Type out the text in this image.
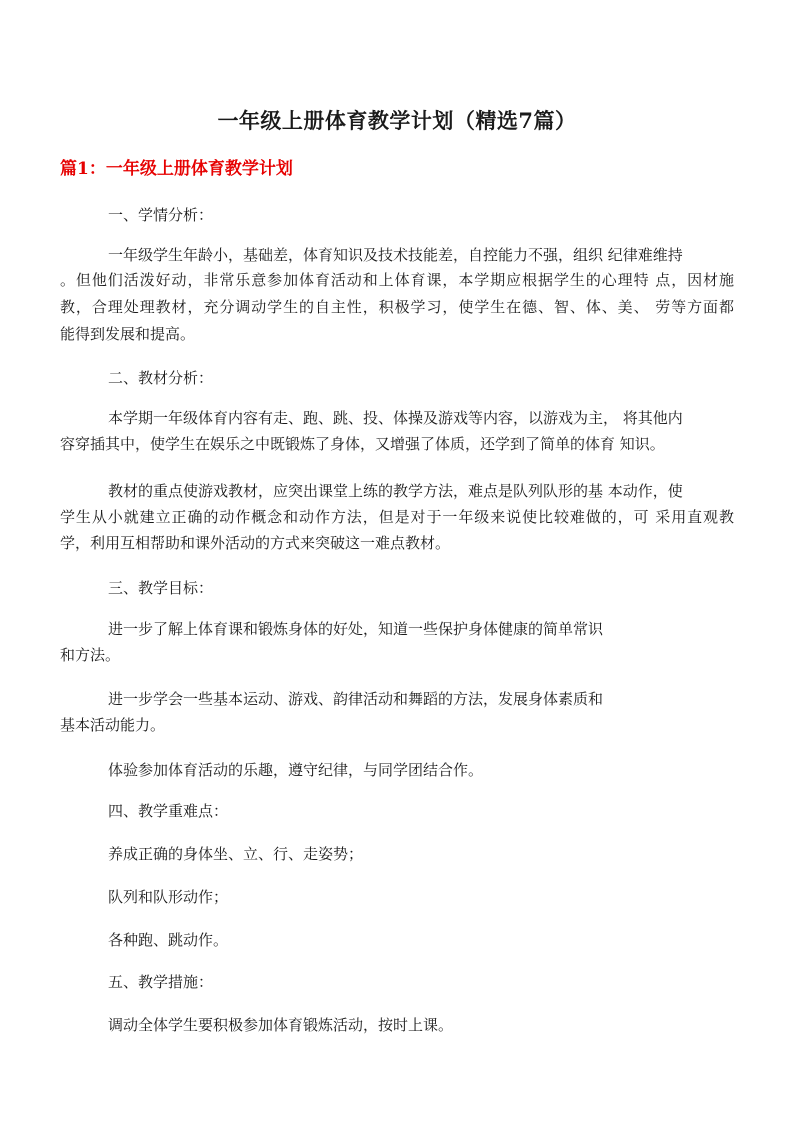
一年级上册体育教学计划（精选7篇）
篇1：一年级上册体育教学计划
一、学情分析：
一年级学生年龄小，基础差，体育知识及技术技能差，自控能力不强，组织 纪律难维持
。但他们活泼好动，非常乐意参加体育活动和上体育课，本学期应根据学生的心理特 点，因材施
教，合理处理教材，充分调动学生的自主性，积极学习，使学生在德、智、体、美、 劳等方面都
能得到发展和提高。
二、教材分析：
本学期一年级体育内容有走、跑、跳、投、体操及游戏等内容，以游戏为主， 将其他内
容穿插其中，使学生在娱乐之中既锻炼了身体，又增强了体质，还学到了简单的体育 知识。
教材的重点使游戏教材，应突出课堂上练的教学方法，难点是队列队形的基 本动作，使
学生从小就建立正确的动作概念和动作方法，但是对于一年级来说使比较难做的，可 采用直观教
学，利用互相帮助和课外活动的方式来突破这一难点教材。
三、教学目标：
进一步了解上体育课和锻炼身体的好处，知道一些保护身体健康的简单常识
和方法。
进一步学会一些基本运动、游戏、韵律活动和舞蹈的方法，发展身体素质和
基本活动能力。
体验参加体育活动的乐趣，遵守纪律，与同学团结合作。
四、教学重难点：
养成正确的身体坐、立、行、走姿势；
队列和队形动作；
各种跑、跳动作。
五、教学措施：
调动全体学生要积极参加体育锻炼活动，按时上课。
